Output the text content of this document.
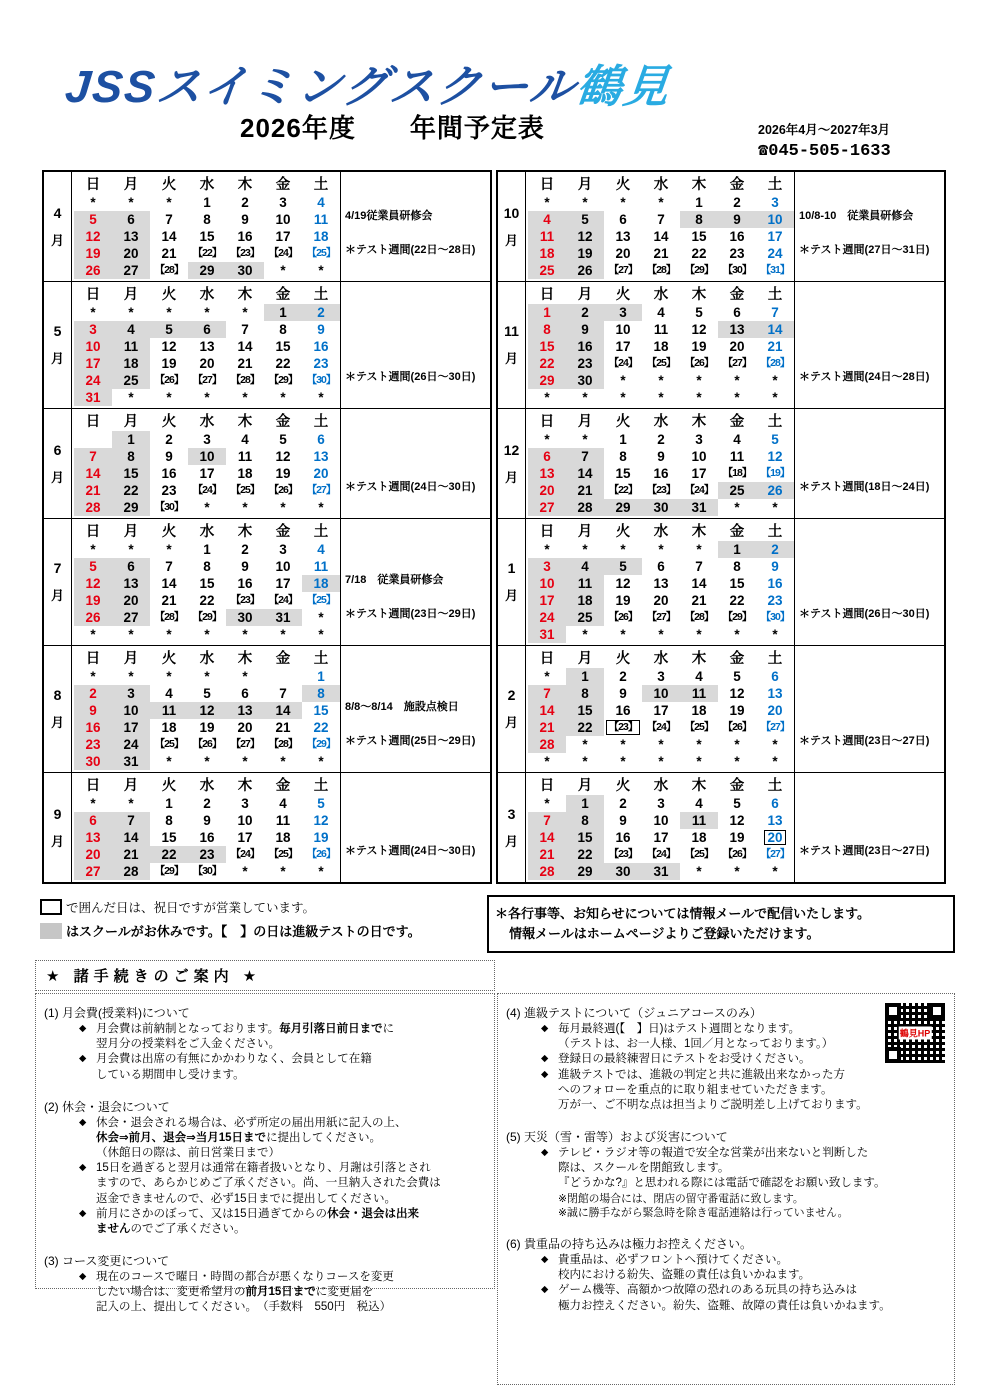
JSSスイミングスクール鶴見
2026年度　　年間予定表	2026年4月～2027年3月
☎045-505-1633
4
月
日	月	火	水	木	金	土
*	*	*	1	2	3	4
5	6	7	8	9	10	11
12	13	14	15	16	17	18
19	20	21	【22】	【23】	【24】	【25】
26	27	【28】	29	30	*	*
4/19従業員研修会
＊テスト週間(22日～28日)
5
月
日	月	火	水	木	金	土
*	*	*	*	*	1	2
3	4	5	6	7	8	9
10	11	12	13	14	15	16
17	18	19	20	21	22	23
24	25	【26】	【27】	【28】	【29】	【30】
31	*	*	*	*	*	*
＊テスト週間(26日～30日)
6
月
日	月	火	水	木	金	土
	1	2	3	4	5	6
7	8	9	10	11	12	13
14	15	16	17	18	19	20
21	22	23	【24】	【25】	【26】	【27】
28	29	【30】	*	*	*	*
＊テスト週間(24日～30日)
7
月
日	月	火	水	木	金	土
*	*	*	1	2	3	4
5	6	7	8	9	10	11
12	13	14	15	16	17	18
19	20	21	22	【23】	【24】	【25】
26	27	【28】	【29】	30	31	*
*	*	*	*	*	*	*
7/18　従業員研修会
＊テスト週間(23日～29日)
8
月
日	月	火	水	木	金	土
*	*	*	*	*		1
2	3	4	5	6	7	8
9	10	11	12	13	14	15
16	17	18	19	20	21	22
23	24	【25】	【26】	【27】	【28】	【29】
30	31	*	*	*	*	*
8/8～8/14　施設点検日
＊テスト週間(25日～29日)
9
月
日	月	火	水	木	金	土
*	*	1	2	3	4	5
6	7	8	9	10	11	12
13	14	15	16	17	18	19
20	21	22	23	【24】	【25】	【26】
27	28	【29】	【30】	*	*	*
＊テスト週間(24日～30日)
10
月
日	月	火	水	木	金	土
*	*	*	*	1	2	3
4	5	6	7	8	9	10
11	12	13	14	15	16	17
18	19	20	21	22	23	24
25	26	【27】	【28】	【29】	【30】	【31】
10/8-10　従業員研修会
＊テスト週間(27日～31日)
11
月
日	月	火	水	木	金	土
1	2	3	4	5	6	7
8	9	10	11	12	13	14
15	16	17	18	19	20	21
22	23	【24】	【25】	【26】	【27】	【28】
29	30	*	*	*	*	*
*	*	*	*	*	*	*
＊テスト週間(24日～28日)
12
月
日	月	火	水	木	金	土
*	*	1	2	3	4	5
6	7	8	9	10	11	12
13	14	15	16	17	【18】	【19】
20	21	【22】	【23】	【24】	25	26
27	28	29	30	31	*	*
＊テスト週間(18日～24日)
1
月
日	月	火	水	木	金	土
*	*	*	*	*	1	2
3	4	5	6	7	8	9
10	11	12	13	14	15	16
17	18	19	20	21	22	23
24	25	【26】	【27】	【28】	【29】	【30】
31	*	*	*	*	*	*
＊テスト週間(26日～30日)
2
月
日	月	火	水	木	金	土
*	1	2	3	4	5	6
7	8	9	10	11	12	13
14	15	16	17	18	19	20
21	22	【23】	【24】	【25】	【26】	【27】
28	*	*	*	*	*	*
*	*	*	*	*	*	*
＊テスト週間(23日～27日)
3
月
日	月	火	水	木	金	土
*	1	2	3	4	5	6
7	8	9	10	11	12	13
14	15	16	17	18	19	20
21	22	【23】	【24】	【25】	【26】	【27】
28	29	30	31	*	*	*
＊テスト週間(23日～27日)
で囲んだ日は、祝日ですが営業しています。
はスクールがお休みです。【　】の日は進級テストの日です。
＊各行事等、お知らせについては情報メールで配信いたします。
情報メールはホームページよりご登録いただけます。
★ 諸手続きのご案内 ★
(1) 月会費(授業料)について
◆ 月会費は前納制となっております。毎月引落日前日までに
翌月分の授業料をご入金ください。
◆ 月会費は出席の有無にかかわりなく、会員として在籍
している期間申し受けます。
(2) 休会・退会について
◆ 休会・退会される場合は、必ず所定の届出用紙に記入の上、
休会⇒前月、退会⇒当月15日までに提出してください。
（休館日の際は、前日営業日まで）
◆ 15日を過ぎると翌月は通常在籍者扱いとなり、月謝は引落とされ
ますので、あらかじめご了承ください。尚、一旦納入された会費は
返金できませんので、必ず15日までに提出してください。
◆ 前月にさかのぼって、又は15日過ぎてからの休会・退会は出来
ませんのでご了承ください。
(3) コース変更について
◆ 現在のコースで曜日・時間の都合が悪くなりコースを変更
したい場合は、変更希望月の前月15日までに変更届を
記入の上、提出してください。　（手数料　550円　税込）
鶴見HP
(4) 進級テストについて（ジュニアコースのみ）
◆ 毎月最終週(【　】日)はテスト週間となります。
（テストは、お一人様、1回／月となっております。）
◆ 登録日の最終練習日にテストをお受けください。
◆ 進級テストでは、進級の判定と共に進級出来なかった方
へのフォローを重点的に取り組ませていただきます。
万が一、ご不明な点は担当よりご説明差し上げております。
(5) 天災（雪・雷等）および災害について
◆ テレビ・ラジオ等の報道で安全な営業が出来ないと判断した
際は、スクールを閉館致します。
『どうかな?』と思われる際には電話で確認をお願い致します。
※閉館の場合には、閉店の留守番電話に致します。
※誠に勝手ながら緊急時を除き電話連絡は行っていません。
(6) 貴重品の持ち込みは極力お控えください。
◆ 貴重品は、必ずフロントへ預けてください。
校内における紛失、盗難の責任は負いかねます。
◆ ゲーム機等、高額かつ故障の恐れのある玩具の持ち込みは
極力お控えください。紛失、盗難、故障の責任は負いかねます。
